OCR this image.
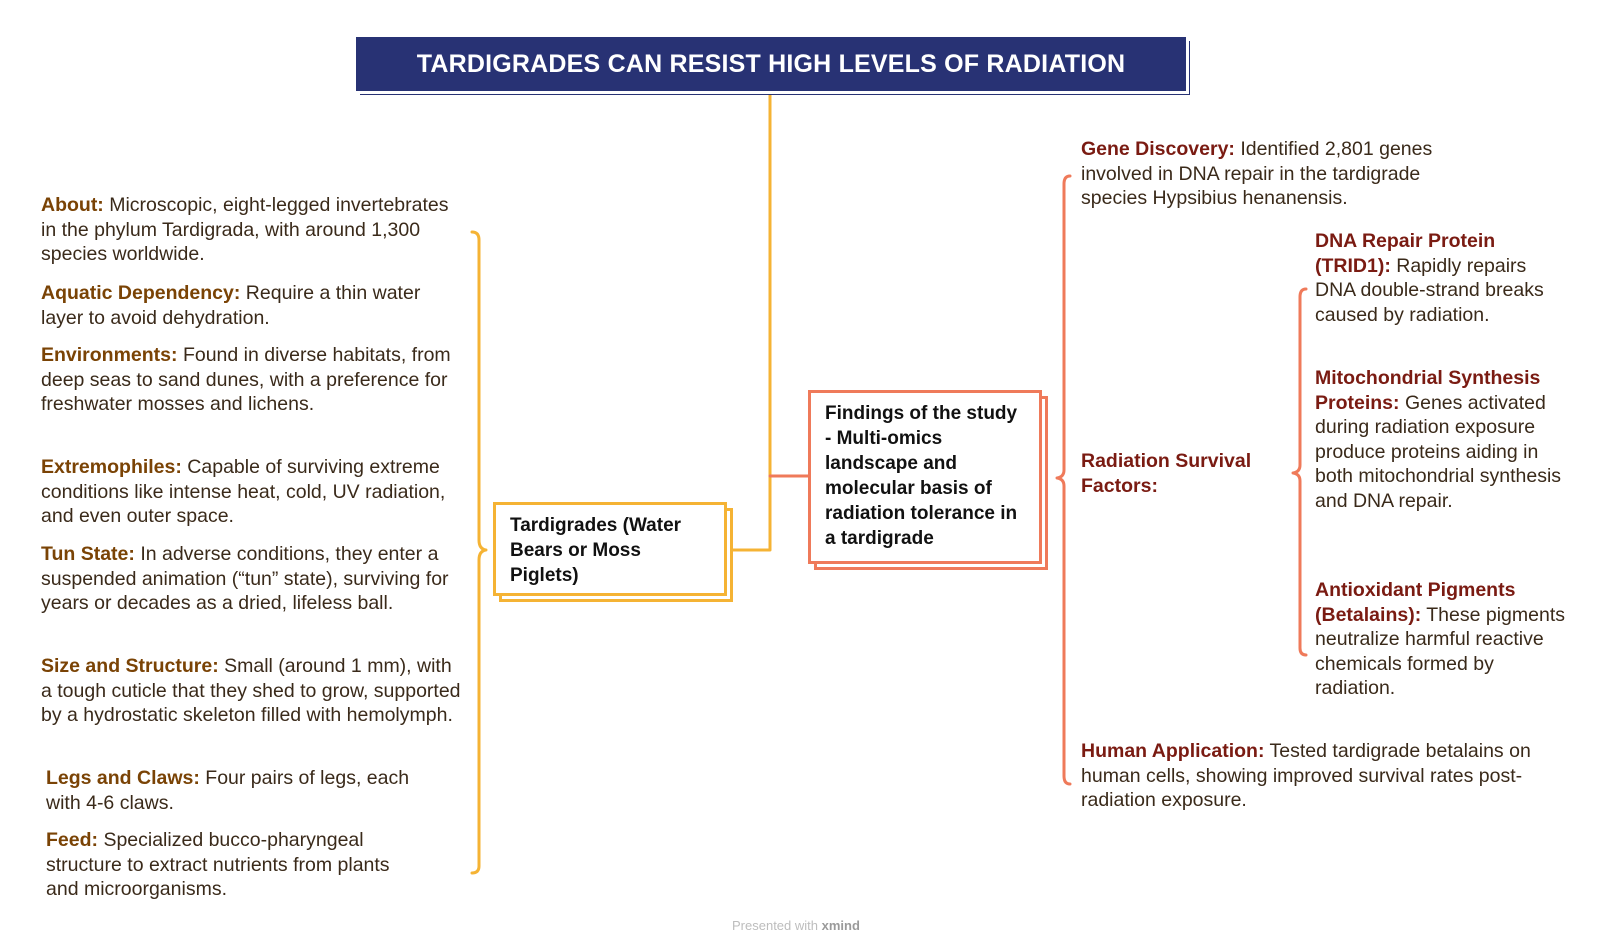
TARDIGRADES CAN RESIST HIGH LEVELS OF RADIATION
Tardigrades (Water Bears or Moss Piglets)
Findings of the study - Multi-omics landscape and molecular basis of radiation tolerance in a tardigrade
About: Microscopic, eight-legged invertebrates in the phylum Tardigrada, with around 1,300 species worldwide.
Aquatic Dependency: Require a thin water layer to avoid dehydration.
Environments: Found in diverse habitats, from deep seas to sand dunes, with a preference for freshwater mosses and lichens.
Extremophiles: Capable of surviving extreme conditions like intense heat, cold, UV radiation, and even outer space.
Tun State: In adverse conditions, they enter a suspended animation (“tun” state), surviving for years or decades as a dried, lifeless ball.
Size and Structure: Small (around 1 mm), with a tough cuticle that they shed to grow, supported by a hydrostatic skeleton filled with hemolymph.
Legs and Claws: Four pairs of legs, each with 4-6 claws.
Feed: Specialized bucco-pharyngeal structure to extract nutrients from plants and microorganisms.
Gene Discovery: Identified 2,801 genes involved in DNA repair in the tardigrade species Hypsibius henanensis.
Radiation Survival Factors:
DNA Repair Protein (TRID1): Rapidly repairs DNA double-strand breaks caused by radiation.
Mitochondrial Synthesis Proteins: Genes activated during radiation exposure produce proteins aiding in both mitochondrial synthesis and DNA repair.
Antioxidant Pigments (Betalains): These pigments neutralize harmful reactive chemicals formed by radiation.
Human Application: Tested tardigrade betalains on human cells, showing improved survival rates post-radiation exposure.
Presented with xmind
